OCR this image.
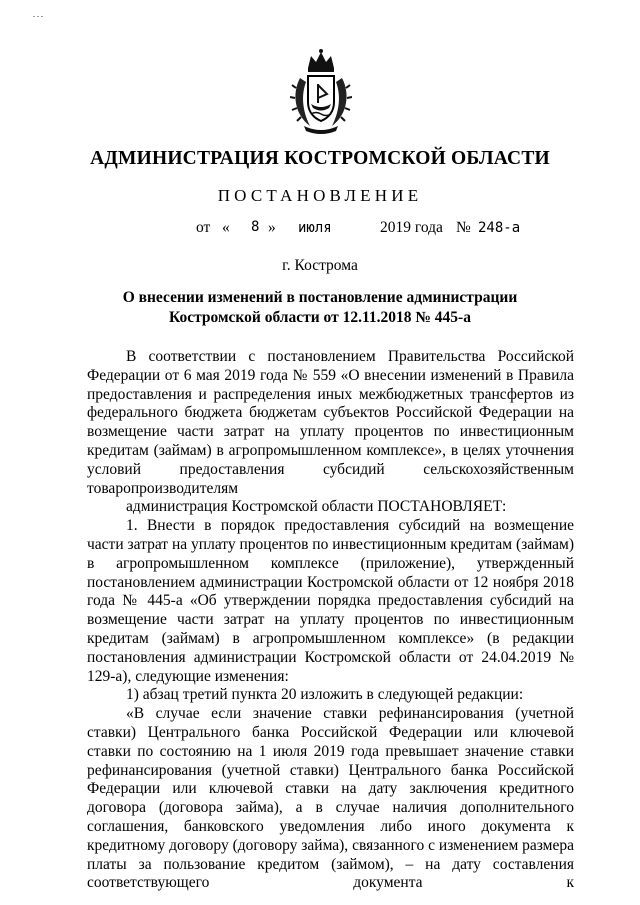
АДМИНИСТРАЦИЯ КОСТРОМСКОЙ ОБЛАСТИ
ПОСТАНОВЛЕНИЕ
от « 8 » июля	2019 года № 248-а
г. Кострома
О внесении изменений в постановление администрации
Костромской области от 12.11.2018 № 445-а

В соответствии с постановлением Правительства Российской Федерации от 6 мая 2019 года № 559 «О внесении изменений в Правила предоставления и распределения иных межбюджетных трансфертов из федерального бюджета бюджетам субъектов Российской Федерации на возмещение части затрат на уплату процентов по инвестиционным кредитам (займам) в агропромышленном комплексе», в целях уточнения условий предоставления субсидий сельскохозяйственным товаропроизводителям

администрация Костромской области ПОСТАНОВЛЯЕТ:

1. Внести в порядок предоставления субсидий на возмещение части затрат на уплату процентов по инвестиционным кредитам (займам) в агропромышленном комплексе (приложение), утвержденный постановлением администрации Костромской области от 12 ноября 2018 года № 445-а «Об утверждении порядка предоставления субсидий на возмещение части затрат на уплату процентов по инвестиционным кредитам (займам) в агропромышленном комплексе» (в редакции постановления администрации Костромской области от 24.04.2019 № 129-а), следующие изменения:

1) абзац третий пункта 20 изложить в следующей редакции:

«В случае если значение ставки рефинансирования (учетной ставки) Центрального банка Российской Федерации или ключевой ставки по состоянию на 1 июля 2019 года превышает значение ставки рефинансирования (учетной ставки) Центрального банка Российской Федерации или ключевой ставки на дату заключения кредитного договора (договора займа), а в случае наличия дополнительного соглашения, банковского уведомления либо иного документа к кредитному договору (договору займа), связанного с изменением размера платы за пользование кредитом (займом), – на дату составления соответствующего документа к
